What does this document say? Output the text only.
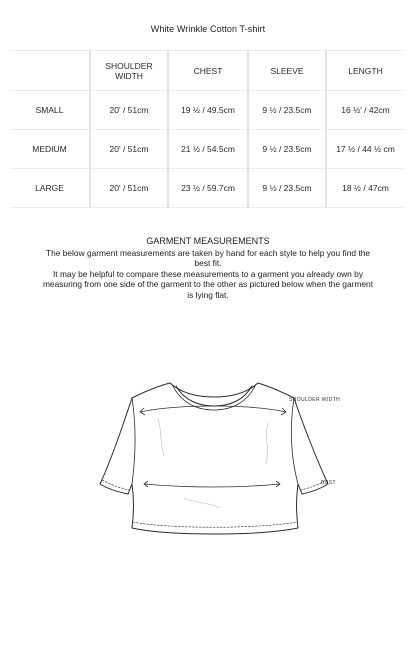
White Wrinkle Cotton T-shirt
	SHOULDER WIDTH	CHEST	SLEEVE	LENGTH
SMALL	20' / 51cm	19 ½ / 49.5cm	9 ½ / 23.5cm	16 ½' / 42cm
MEDIUM	20' / 51cm	21 ½ / 54.5cm	9 ½ / 23.5cm	17 ½ / 44 ½ cm
LARGE	20' / 51cm	23 ½ / 59.7cm	9 ½ / 23.5cm	18 ½ / 47cm
GARMENT MEASUREMENTS

The below garment measurements are taken by hand for each style to help you find the best fit.

It may be helpful to compare these measurements to a garment you already own by measuring from one side of the garment to the other as pictured below when the garment is lying flat.

SHOULDER WIDTH
BUST
